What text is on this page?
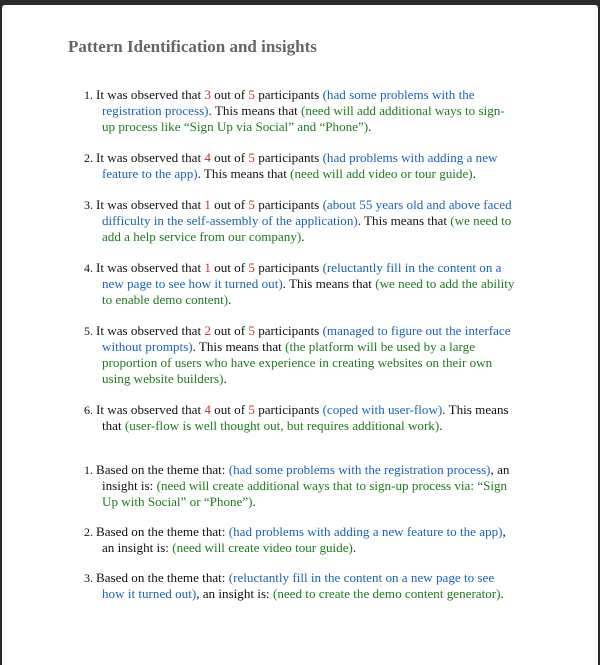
Pattern Identification and insights
1. It was observed that 3 out of 5 participants (had some problems with the registration process). This means that (need will add additional ways to sign-up process like “Sign Up via Social” and “Phone”).
2. It was observed that 4 out of 5 participants (had problems with adding a new feature to the app). This means that (need will add video or tour guide).
3. It was observed that 1 out of 5 participants (about 55 years old and above faced difficulty in the self-assembly of the application). This means that (we need to add a help service from our company).
4. It was observed that 1 out of 5 participants (reluctantly fill in the content on a new page to see how it turned out). This means that (we need to add the ability to enable demo content).
5. It was observed that 2 out of 5 participants (managed to figure out the interface without prompts). This means that (the platform will be used by a large proportion of users who have experience in creating websites on their own using website builders).
6. It was observed that 4 out of 5 participants (coped with user-flow). This means that (user-flow is well thought out, but requires additional work).
1. Based on the theme that: (had some problems with the registration process), an insight is: (need will create additional ways that to sign-up process via: “Sign Up with Social” or “Phone”).
2. Based on the theme that: (had problems with adding a new feature to the app), an insight is: (need will create video tour guide).
3. Based on the theme that: (reluctantly fill in the content on a new page to see how it turned out), an insight is: (need to create the demo content generator).
